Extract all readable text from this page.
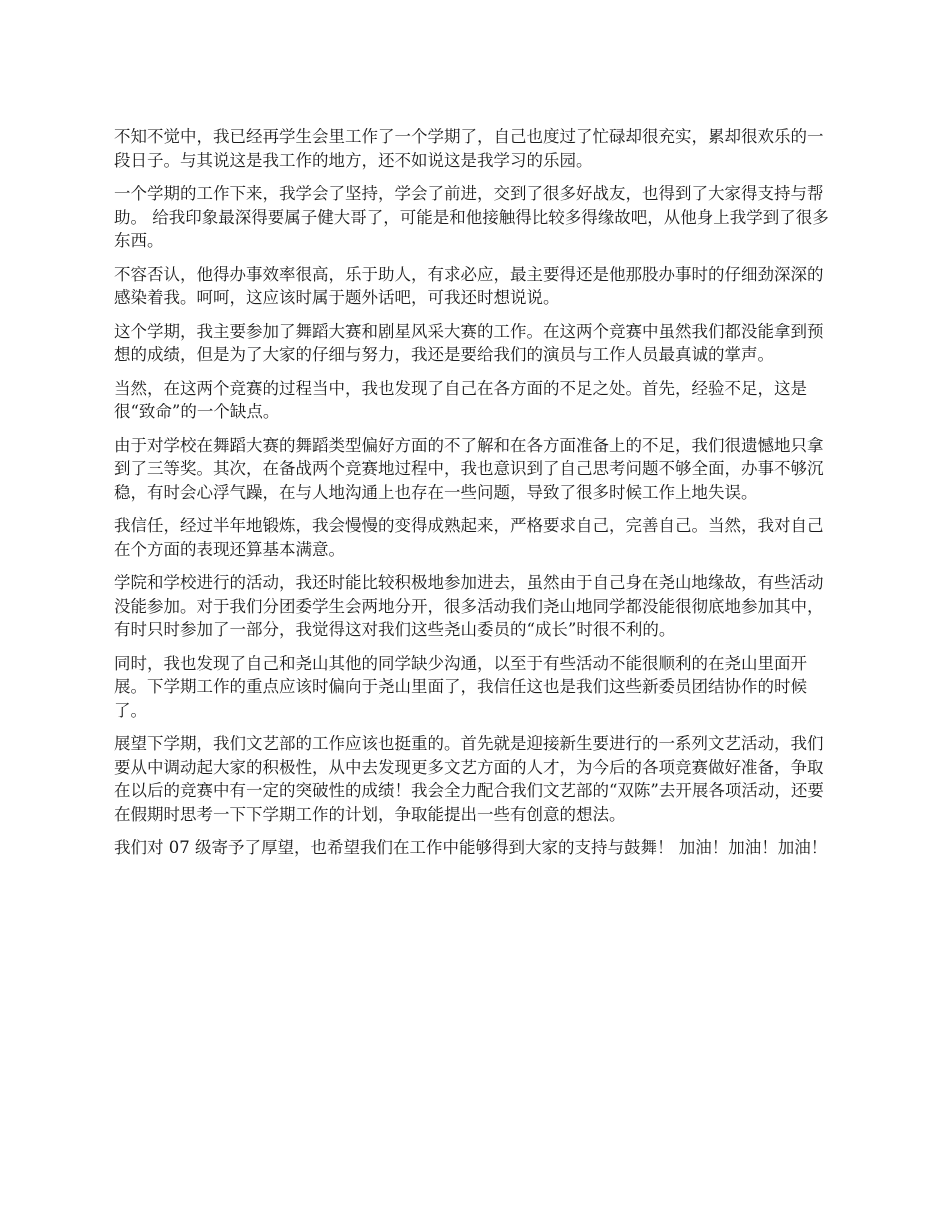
不知不觉中，我已经再学生会里工作了一个学期了，自己也度过了忙碌却很充实，累却很欢乐的一段日子。与其说这是我工作的地方，还不如说这是我学习的乐园。

一个学期的工作下来，我学会了坚持，学会了前进，交到了很多好战友，也得到了大家得支持与帮助。 给我印象最深得要属子健大哥了，可能是和他接触得比较多得缘故吧，从他身上我学到了很多东西。

不容否认，他得办事效率很高，乐于助人，有求必应，最主要得还是他那股办事时的仔细劲深深的感染着我。呵呵，这应该时属于题外话吧，可我还时想说说。

这个学期，我主要参加了舞蹈大赛和剧星风采大赛的工作。在这两个竞赛中虽然我们都没能拿到预想的成绩，但是为了大家的仔细与努力，我还是要给我们的演员与工作人员最真诚的掌声。

当然，在这两个竞赛的过程当中，我也发现了自己在各方面的不足之处。首先，经验不足，这是很“致命”的一个缺点。

由于对学校在舞蹈大赛的舞蹈类型偏好方面的不了解和在各方面准备上的不足，我们很遗憾地只拿到了三等奖。其次，在备战两个竞赛地过程中，我也意识到了自己思考问题不够全面，办事不够沉稳，有时会心浮气躁，在与人地沟通上也存在一些问题，导致了很多时候工作上地失误。

我信任，经过半年地锻炼，我会慢慢的变得成熟起来，严格要求自己，完善自己。当然，我对自己在个方面的表现还算基本满意。

学院和学校进行的活动，我还时能比较积极地参加进去，虽然由于自己身在尧山地缘故，有些活动没能参加。对于我们分团委学生会两地分开，很多活动我们尧山地同学都没能很彻底地参加其中，有时只时参加了一部分，我觉得这对我们这些尧山委员的“成长”时很不利的。

同时，我也发现了自己和尧山其他的同学缺少沟通，以至于有些活动不能很顺利的在尧山里面开展。下学期工作的重点应该时偏向于尧山里面了，我信任这也是我们这些新委员团结协作的时候了。

展望下学期，我们文艺部的工作应该也挺重的。首先就是迎接新生要进行的一系列文艺活动，我们要从中调动起大家的积极性，从中去发现更多文艺方面的人才，为今后的各项竞赛做好准备，争取在以后的竞赛中有一定的突破性的成绩！我会全力配合我们文艺部的“双陈”去开展各项活动，还要在假期时思考一下下学期工作的计划，争取能提出一些有创意的想法。

我们对 07 级寄予了厚望，也希望我们在工作中能够得到大家的支持与鼓舞！ 加油！加油！加油！
